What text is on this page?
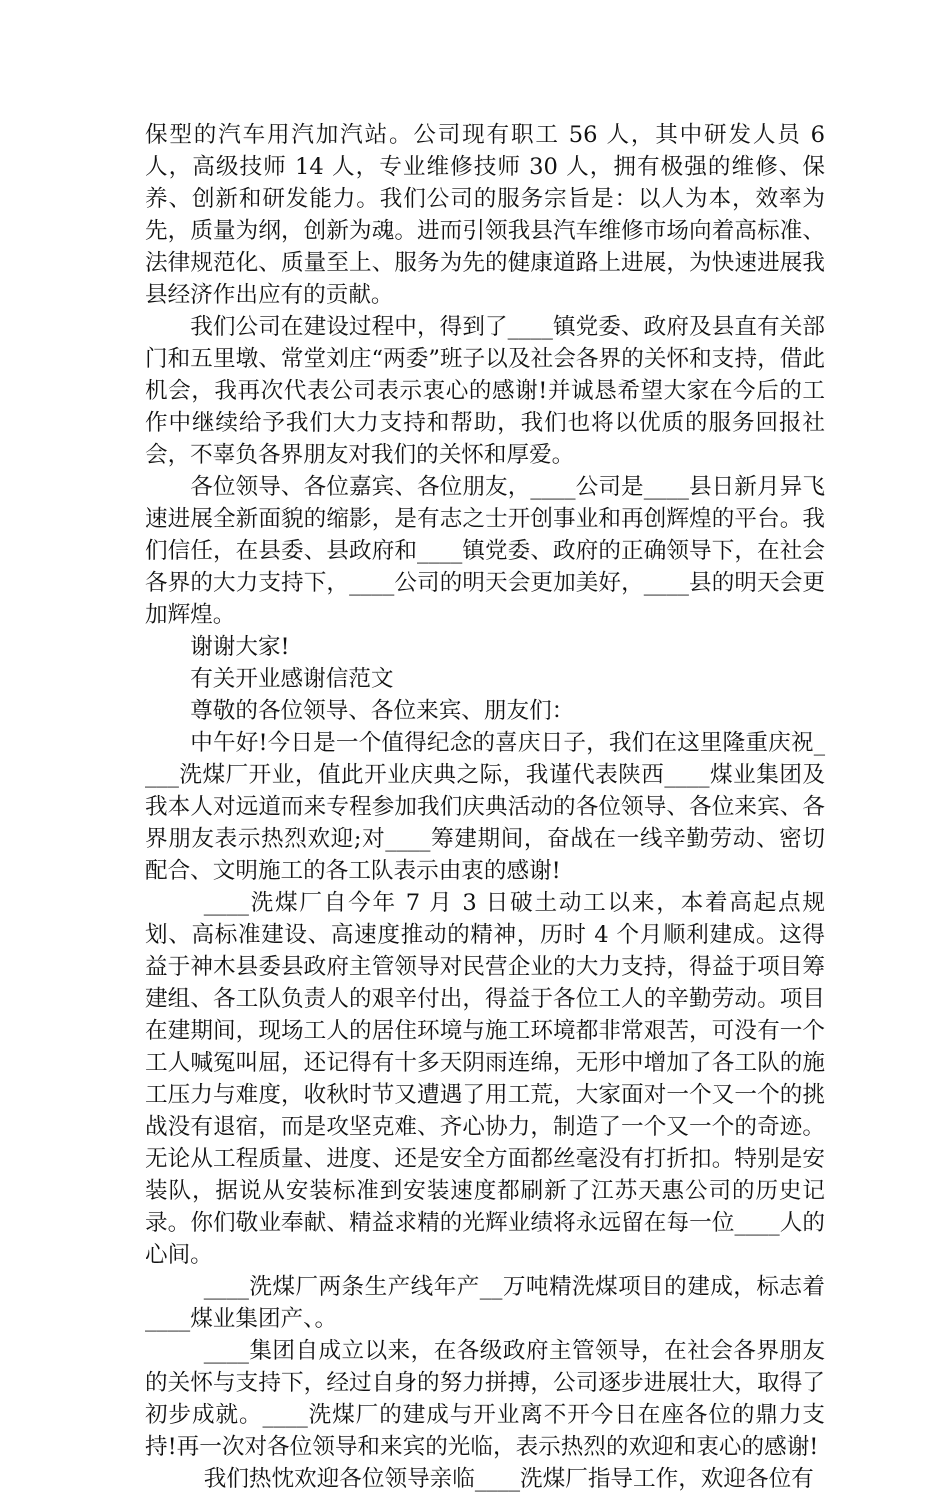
保型的汽车用汽加汽站。公司现有职工 56 人，其中研发人员 6 人，高级技师 14 人，专业维修技师 30 人，拥有极强的维修、保养、创新和研发能力。我们公司的服务宗旨是：以人为本，效率为先，质量为纲，创新为魂。进而引领我县汽车维修市场向着高标准、法律规范化、质量至上、服务为先的健康道路上进展，为快速进展我县经济作出应有的贡献。

我们公司在建设过程中，得到了____镇党委、政府及县直有关部门和五里墩、常堂刘庄“两委”班子以及社会各界的关怀和支持，借此机会，我再次代表公司表示衷心的感谢!并诚恳希望大家在今后的工作中继续给予我们大力支持和帮助，我们也将以优质的服务回报社会，不辜负各界朋友对我们的关怀和厚爱。

各位领导、各位嘉宾、各位朋友，____公司是____县日新月异飞速进展全新面貌的缩影，是有志之士开创事业和再创辉煌的平台。我们信任，在县委、县政府和____镇党委、政府的正确领导下，在社会各界的大力支持下，____公司的明天会更加美好，____县的明天会更加辉煌。

谢谢大家!

有关开业感谢信范文

尊敬的各位领导、各位来宾、朋友们：

中午好!今日是一个值得纪念的喜庆日子，我们在这里隆重庆祝____洗煤厂开业，值此开业庆典之际，我谨代表陕西____煤业集团及我本人对远道而来专程参加我们庆典活动的各位领导、各位来宾、各界朋友表示热烈欢迎;对____筹建期间，奋战在一线辛勤劳动、密切配合、文明施工的各工队表示由衷的感谢!

____洗煤厂自今年 7 月 3 日破土动工以来，本着高起点规划、高标准建设、高速度推动的精神，历时 4 个月顺利建成。这得益于神木县委县政府主管领导对民营企业的大力支持，得益于项目筹建组、各工队负责人的艰辛付出，得益于各位工人的辛勤劳动。项目在建期间，现场工人的居住环境与施工环境都非常艰苦，可没有一个工人喊冤叫屈，还记得有十多天阴雨连绵，无形中增加了各工队的施工压力与难度，收秋时节又遭遇了用工荒，大家面对一个又一个的挑战没有退宿，而是攻坚克难、齐心协力，制造了一个又一个的奇迹。无论从工程质量、进度、还是安全方面都丝毫没有打折扣。特别是安装队，据说从安装标准到安装速度都刷新了江苏天惠公司的历史记录。你们敬业奉献、精益求精的光辉业绩将永远留在每一位____人的心间。

____洗煤厂两条生产线年产__万吨精洗煤项目的建成，标志着____煤业集团产、。

____集团自成立以来，在各级政府主管领导，在社会各界朋友的关怀与支持下，经过自身的努力拼搏，公司逐步进展壮大，取得了初步成就。____洗煤厂的建成与开业离不开今日在座各位的鼎力支持!再一次对各位领导和来宾的光临，表示热烈的欢迎和衷心的感谢!

我们热忱欢迎各位领导亲临____洗煤厂指导工作，欢迎各位有
